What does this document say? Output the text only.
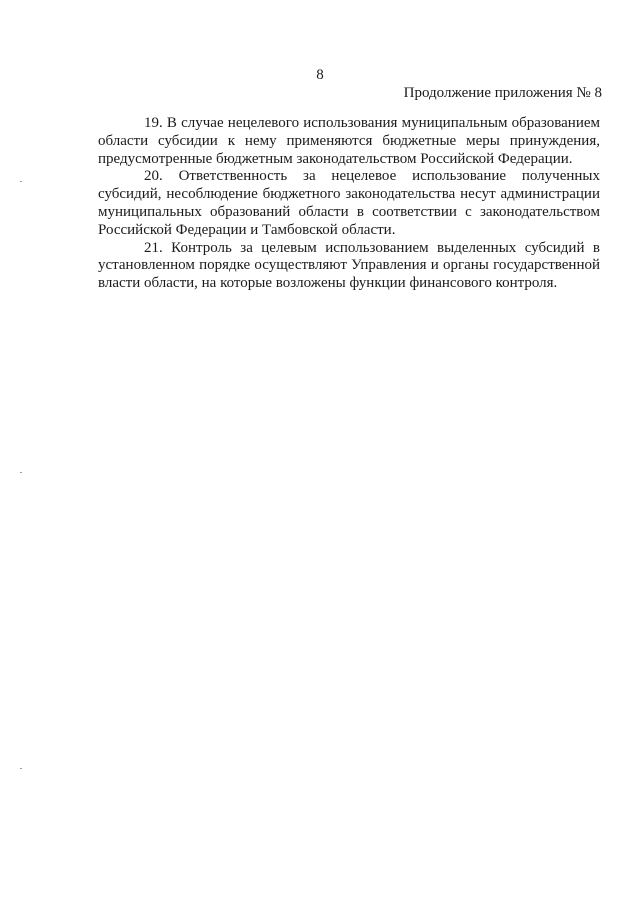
8
Продолжение приложения № 8

19. В случае нецелевого использования муниципальным образованием области субсидии к нему применяются бюджетные меры принуждения, предусмотренные бюджетным законодательством Российской Федерации.

20. Ответственность за нецелевое использование полученных субсидий, несоблюдение бюджетного законодательства несут администрации муниципальных образований области в соответствии с законодательством Российской Федерации и Тамбовской области.

21. Контроль за целевым использованием выделенных субсидий в установленном порядке осуществляют Управления и органы государственной власти области, на которые возложены функции финансового контроля.
